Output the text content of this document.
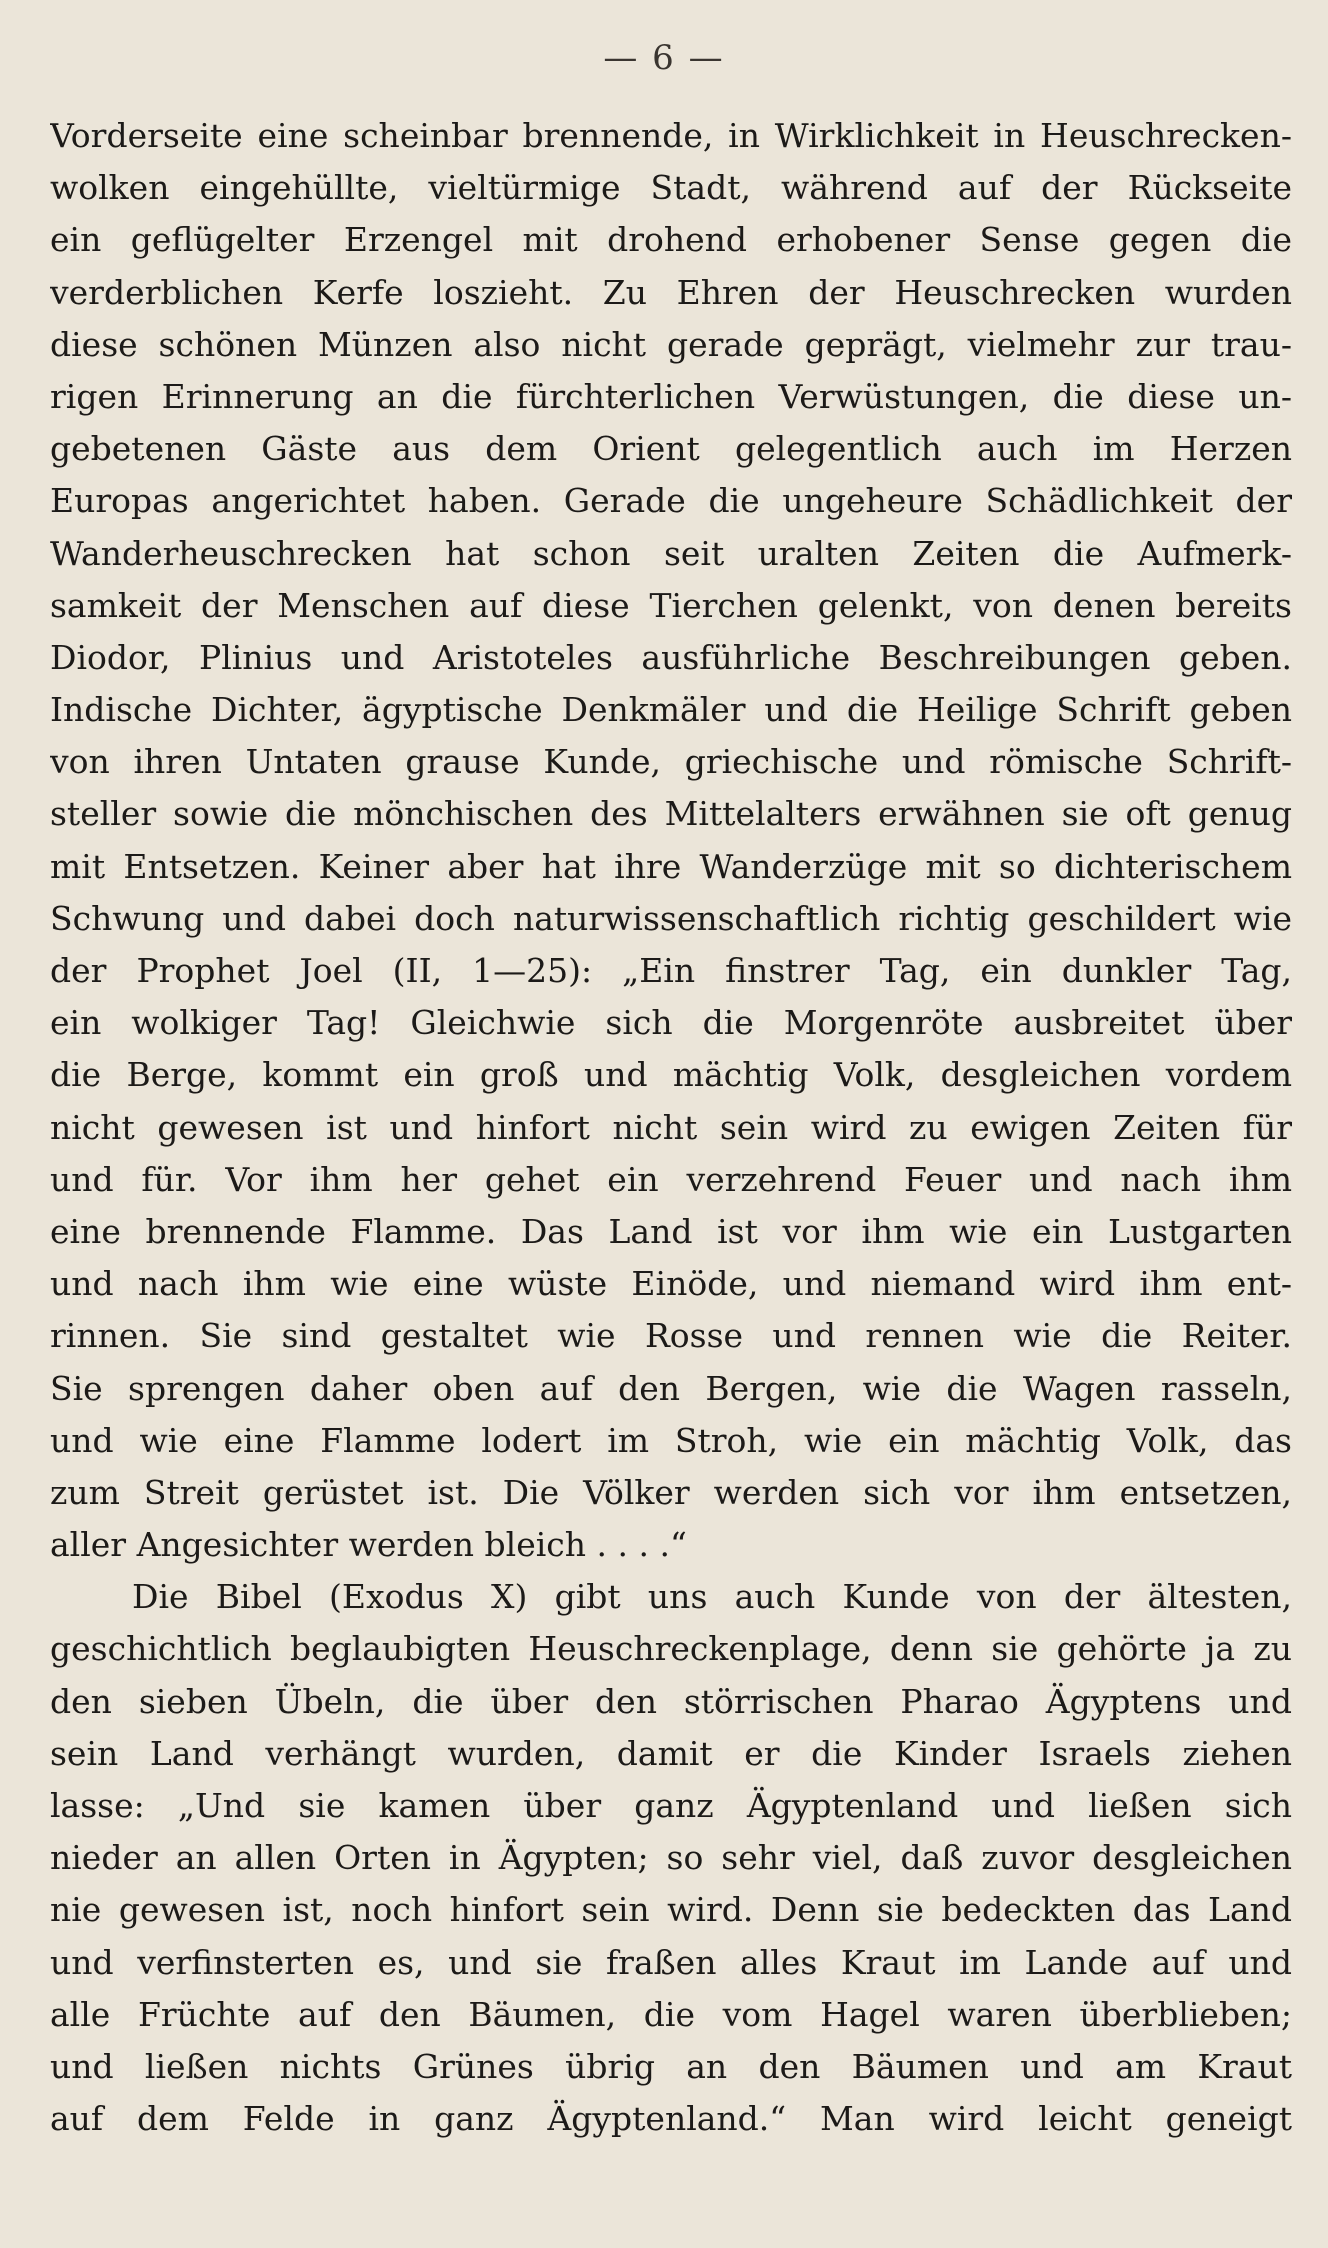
— 6 —
Vorderseite eine scheinbar brennende, in Wirklichkeit in Heuschrecken-
wolken eingehüllte, vieltürmige Stadt, während auf der Rückseite
ein geflügelter Erzengel mit drohend erhobener Sense gegen die
verderblichen Kerfe loszieht. Zu Ehren der Heuschrecken wurden
diese schönen Münzen also nicht gerade geprägt, vielmehr zur trau-
rigen Erinnerung an die fürchterlichen Verwüstungen, die diese un-
gebetenen Gäste aus dem Orient gelegentlich auch im Herzen
Europas angerichtet haben. Gerade die ungeheure Schädlichkeit der
Wanderheuschrecken hat schon seit uralten Zeiten die Aufmerk-
samkeit der Menschen auf diese Tierchen gelenkt, von denen bereits
Diodor, Plinius und Aristoteles ausführliche Beschreibungen geben.
Indische Dichter, ägyptische Denkmäler und die Heilige Schrift geben
von ihren Untaten grause Kunde, griechische und römische Schrift-
steller sowie die mönchischen des Mittelalters erwähnen sie oft genug
mit Entsetzen. Keiner aber hat ihre Wanderzüge mit so dichterischem
Schwung und dabei doch naturwissenschaftlich richtig geschildert wie
der Prophet Joel (II, 1—25): „Ein finstrer Tag, ein dunkler Tag,
ein wolkiger Tag! Gleichwie sich die Morgenröte ausbreitet über
die Berge, kommt ein groß und mächtig Volk, desgleichen vordem
nicht gewesen ist und hinfort nicht sein wird zu ewigen Zeiten für
und für. Vor ihm her gehet ein verzehrend Feuer und nach ihm
eine brennende Flamme. Das Land ist vor ihm wie ein Lustgarten
und nach ihm wie eine wüste Einöde, und niemand wird ihm ent-
rinnen. Sie sind gestaltet wie Rosse und rennen wie die Reiter.
Sie sprengen daher oben auf den Bergen, wie die Wagen rasseln,
und wie eine Flamme lodert im Stroh, wie ein mächtig Volk, das
zum Streit gerüstet ist. Die Völker werden sich vor ihm entsetzen,
aller Angesichter werden bleich . . . .“
Die Bibel (Exodus X) gibt uns auch Kunde von der ältesten,
geschichtlich beglaubigten Heuschreckenplage, denn sie gehörte ja zu
den sieben Übeln, die über den störrischen Pharao Ägyptens und
sein Land verhängt wurden, damit er die Kinder Israels ziehen
lasse: „Und sie kamen über ganz Ägyptenland und ließen sich
nieder an allen Orten in Ägypten; so sehr viel, daß zuvor desgleichen
nie gewesen ist, noch hinfort sein wird. Denn sie bedeckten das Land
und verfinsterten es, und sie fraßen alles Kraut im Lande auf und
alle Früchte auf den Bäumen, die vom Hagel waren überblieben;
und ließen nichts Grünes übrig an den Bäumen und am Kraut
auf dem Felde in ganz Ägyptenland.“ Man wird leicht geneigt
